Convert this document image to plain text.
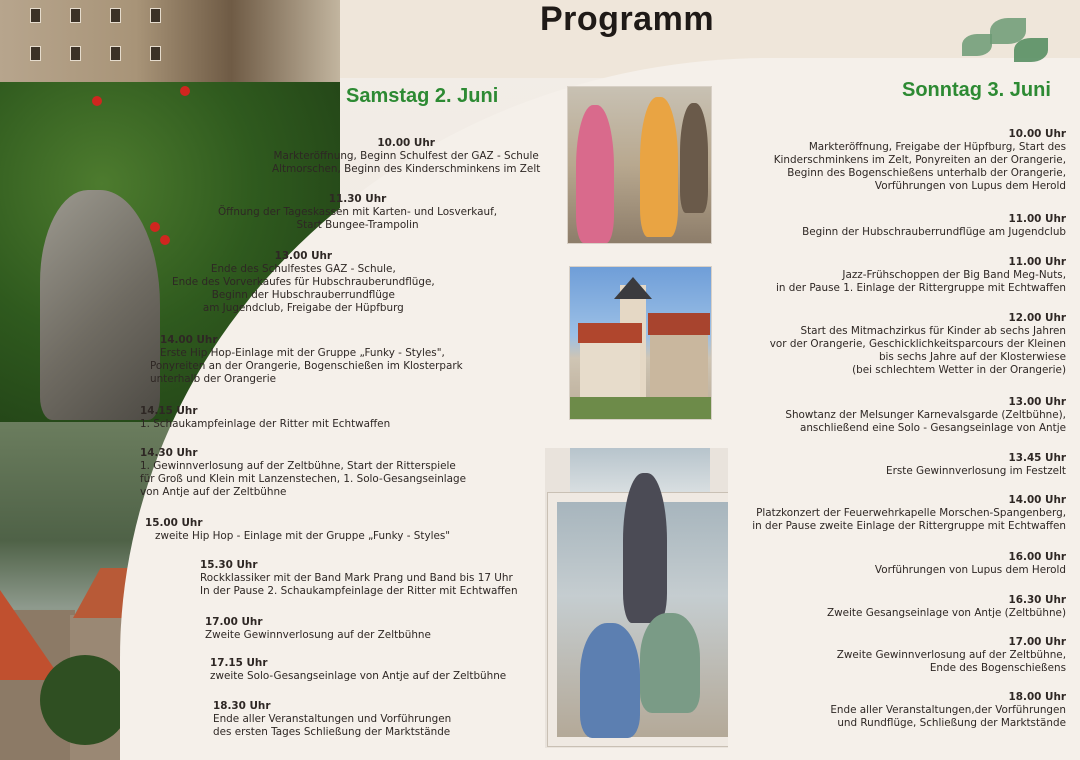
Programm
Samstag 2. Juni
10.00 Uhr
Markteröffnung, Beginn Schulfest der GAZ - Schule
Altmorschen, Beginn des Kinderschminkens im Zelt
11.30 Uhr
Öffnung der Tageskassen mit Karten- und Losverkauf,
Start Bungee-Trampolin
13.00 Uhr
Ende des Schulfestes GAZ - Schule,
Ende des Vorverkaufes für Hubschrauberundflüge,
Beginn der Hubschrauberrundflüge
am Jugendclub, Freigabe der Hüpfburg
14.00 Uhr
Erste Hip Hop-Einlage mit der Gruppe „Funky - Styles",
Ponyreiten an der Orangerie, Bogenschießen im Klosterpark
unterhalb der Orangerie
14.15 Uhr
1. Schaukampfeinlage der Ritter mit Echtwaffen
14.30 Uhr
1. Gewinnverlosung auf der Zeltbühne, Start der Ritterspiele
für Groß und Klein mit Lanzenstechen, 1. Solo-Gesangseinlage
von Antje auf der Zeltbühne
15.00 Uhr
zweite Hip Hop - Einlage mit der Gruppe „Funky - Styles"
15.30 Uhr
Rockklassiker mit der Band Mark Prang und Band bis 17 Uhr
In der Pause 2. Schaukampfeinlage der Ritter mit Echtwaffen
17.00 Uhr
Zweite Gewinnverlosung auf der Zeltbühne
17.15 Uhr
zweite Solo-Gesangseinlage von Antje auf der Zeltbühne
18.30 Uhr
Ende aller Veranstaltungen und Vorführungen
des ersten Tages Schließung der Marktstände
Sonntag 3. Juni
10.00 Uhr
Markteröffnung, Freigabe der Hüpfburg, Start des
Kinderschminkens im Zelt, Ponyreiten an der Orangerie,
Beginn des Bogenschießens unterhalb der Orangerie,
Vorführungen von Lupus dem Herold
11.00 Uhr
Beginn der Hubschrauberrundflüge am Jugendclub
11.00 Uhr
Jazz-Frühschoppen der Big Band Meg-Nuts,
in der Pause 1. Einlage der Rittergruppe mit Echtwaffen
12.00 Uhr
Start des Mitmachzirkus für Kinder ab sechs Jahren
vor der Orangerie, Geschicklichkeitsparcours der Kleinen
bis sechs Jahre auf der Klosterwiese
(bei schlechtem Wetter in der Orangerie)
13.00 Uhr
Showtanz der Melsunger Karnevalsgarde (Zeltbühne),
anschließend eine Solo - Gesangseinlage von Antje
13.45 Uhr
Erste Gewinnverlosung im Festzelt
14.00 Uhr
Platzkonzert der Feuerwehrkapelle Morschen-Spangenberg,
in der Pause zweite Einlage der Rittergruppe mit Echtwaffen
16.00 Uhr
Vorführungen von Lupus dem Herold
16.30 Uhr
Zweite Gesangseinlage von Antje (Zeltbühne)
17.00 Uhr
Zweite Gewinnverlosung auf der Zeltbühne,
Ende des Bogenschießens
18.00 Uhr
Ende aller Veranstaltungen,der Vorführungen
und Rundflüge, Schließung der Marktstände
